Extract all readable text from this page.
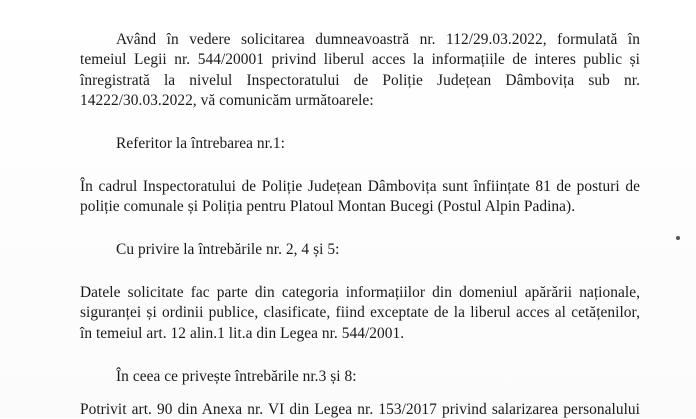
Având în vedere solicitarea dumneavoastră nr. 112/29.03.2022, formulată în
temeiul Legii nr. 544/20001 privind liberul acces la informațiile de interes public și
înregistrată la nivelul Inspectoratului de Poliție Județean Dâmbovița sub nr.
14222/30.03.2022, vă comunicăm următoarele:
Referitor la întrebarea nr.1:
În cadrul Inspectoratului de Poliție Județean Dâmbovița sunt înființate 81 de posturi de
poliție comunale și Poliția pentru Platoul Montan Bucegi (Postul Alpin Padina).
Cu privire la întrebările nr. 2, 4 și 5:
Datele solicitate fac parte din categoria informațiilor din domeniul apărării naționale,
siguranței și ordinii publice, clasificate, fiind exceptate de la liberul acces al cetățenilor,
în temeiul art. 12 alin.1 lit.a din Legea nr. 544/2001.
În ceea ce privește întrebările nr.3 și 8:
Potrivit art. 90 din Anexa nr. VI din Legea nr. 153/2017 privind salarizarea personalului
